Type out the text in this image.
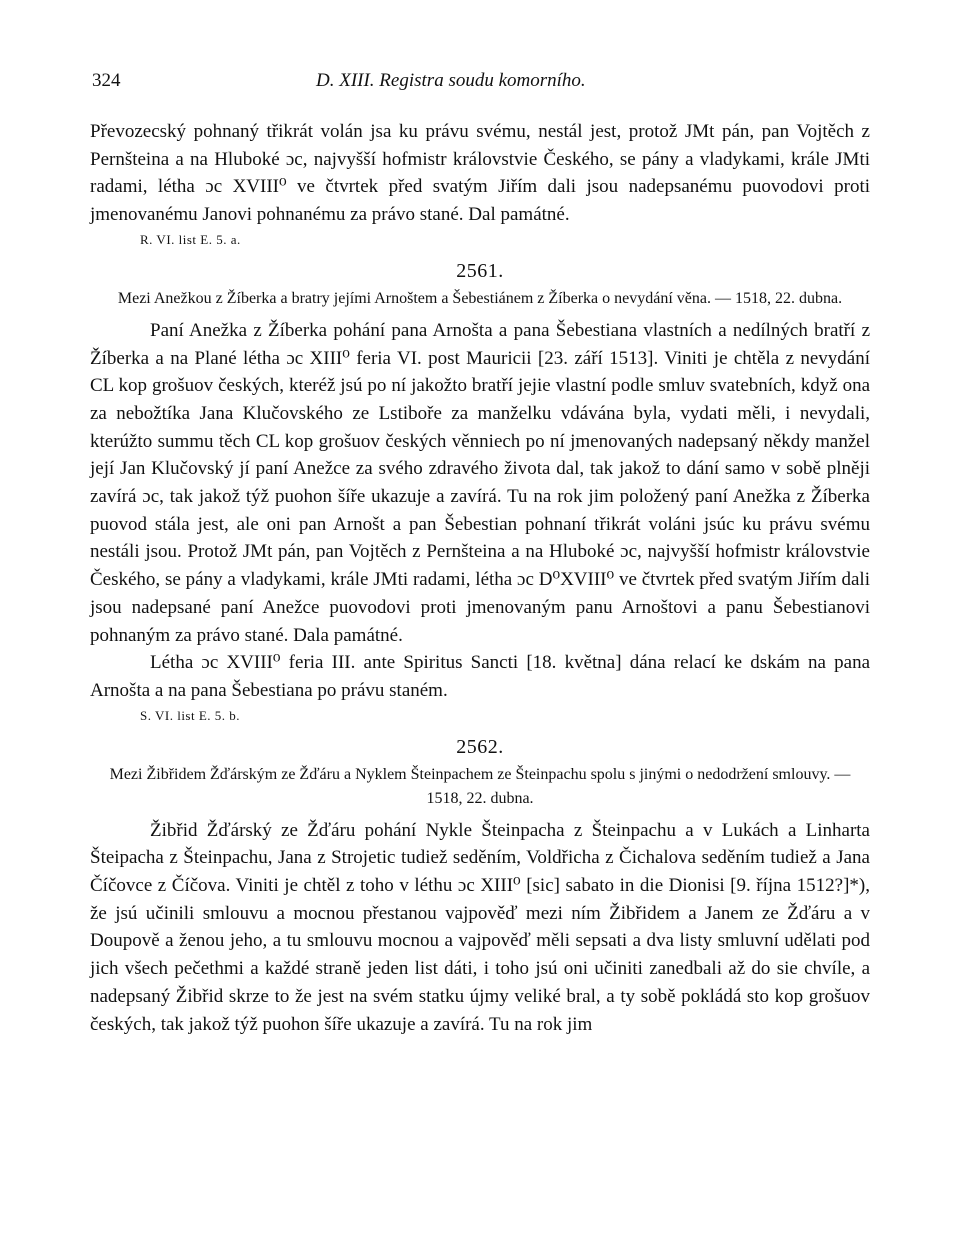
324	D. XIII. Registra soudu komorního.

Převozecský pohnaný třikrát volán jsa ku právu svému, nestál jest, protož JMt pán, pan Vojtěch z Pernšteina a na Hluboké ɔc, najvyšší hofmistr královstvie Českého, se pány a vladykami, krále JMti radami, létha ɔc XVIII⁰ ve čtvrtek před svatým Jiřím dali jsou nadepsanému puovodovi proti jmenovanému Janovi pohnanému za právo stané. Dal památné.

R. VI. list E. 5. a.

2561.

Mezi Anežkou z Žíberka a bratry jejími Arnoštem a Šebestiánem z Žíberka o nevydání věna. — 1518, 22. dubna.

Paní Anežka z Žíberka pohání pana Arnošta a pana Šebestiana vlastních a nedílných bratří z Žíberka a na Plané létha ɔc XIII⁰ feria VI. post Mauricii [23. září 1513]. Viniti je chtěla z nevydání CL kop grošuov českých, kteréž jsú po ní jakožto bratří jejie vlastní podle smluv svatebních, když ona za nebožtíka Jana Klučovského ze Lstiboře za manželku vdávána byla, vydati měli, i nevydali, kterúžto summu těch CL kop grošuov českých věnniech po ní jmenovaných nadepsaný někdy manžel její Jan Klučovský jí paní Anežce za svého zdravého života dal, tak jakož to dání samo v sobě plněji zavírá ɔc, tak jakož týž puohon šíře ukazuje a zavírá. Tu na rok jim položený paní Anežka z Žíberka puovod stála jest, ale oni pan Arnošt a pan Šebestian pohnaní třikrát voláni jsúc ku právu svému nestáli jsou. Protož JMt pán, pan Vojtěch z Pernšteina a na Hluboké ɔc, najvyšší hofmistr královstvie Českého, se pány a vladykami, krále JMti radami, létha ɔc D⁰XVIII⁰ ve čtvrtek před svatým Jiřím dali jsou nadepsané paní Anežce puovodovi proti jmenovaným panu Arnoštovi a panu Šebestianovi pohnaným za právo stané. Dala památné.

Létha ɔc XVIII⁰ feria III. ante Spiritus Sancti [18. května] dána relací ke dskám na pana Arnošta a na pana Šebestiana po právu staném.

S. VI. list E. 5. b.

2562.

Mezi Žibřidem Žďárským ze Žďáru a Nyklem Šteinpachem ze Šteinpachu spolu s jinými o nedodržení smlouvy. — 1518, 22. dubna.

Žibřid Žďárský ze Žďáru pohání Nykle Šteinpacha z Šteinpachu a v Lukách a Linharta Šteipacha z Šteinpachu, Jana z Strojetic tudiež seděním, Voldřicha z Čichalova seděním tudiež a Jana Číčovce z Číčova. Viniti je chtěl z toho v léthu ɔc XIII⁰ [sic] sabato in die Dionisi [9. října 1512?]*), že jsú učinili smlouvu a mocnou přestanou vajpověď mezi ním Žibřidem a Janem ze Žďáru a v Doupově a ženou jeho, a tu smlouvu mocnou a vajpověď měli sepsati a dva listy smluvní udělati pod jich všech pečethmi a každé straně jeden list dáti, i toho jsú oni učiniti zanedbali až do sie chvíle, a nadepsaný Žibřid skrze to že jest na svém statku újmy veliké bral, a ty sobě pokládá sto kop grošuov českých, tak jakož týž puohon šíře ukazuje a zavírá. Tu na rok jim
